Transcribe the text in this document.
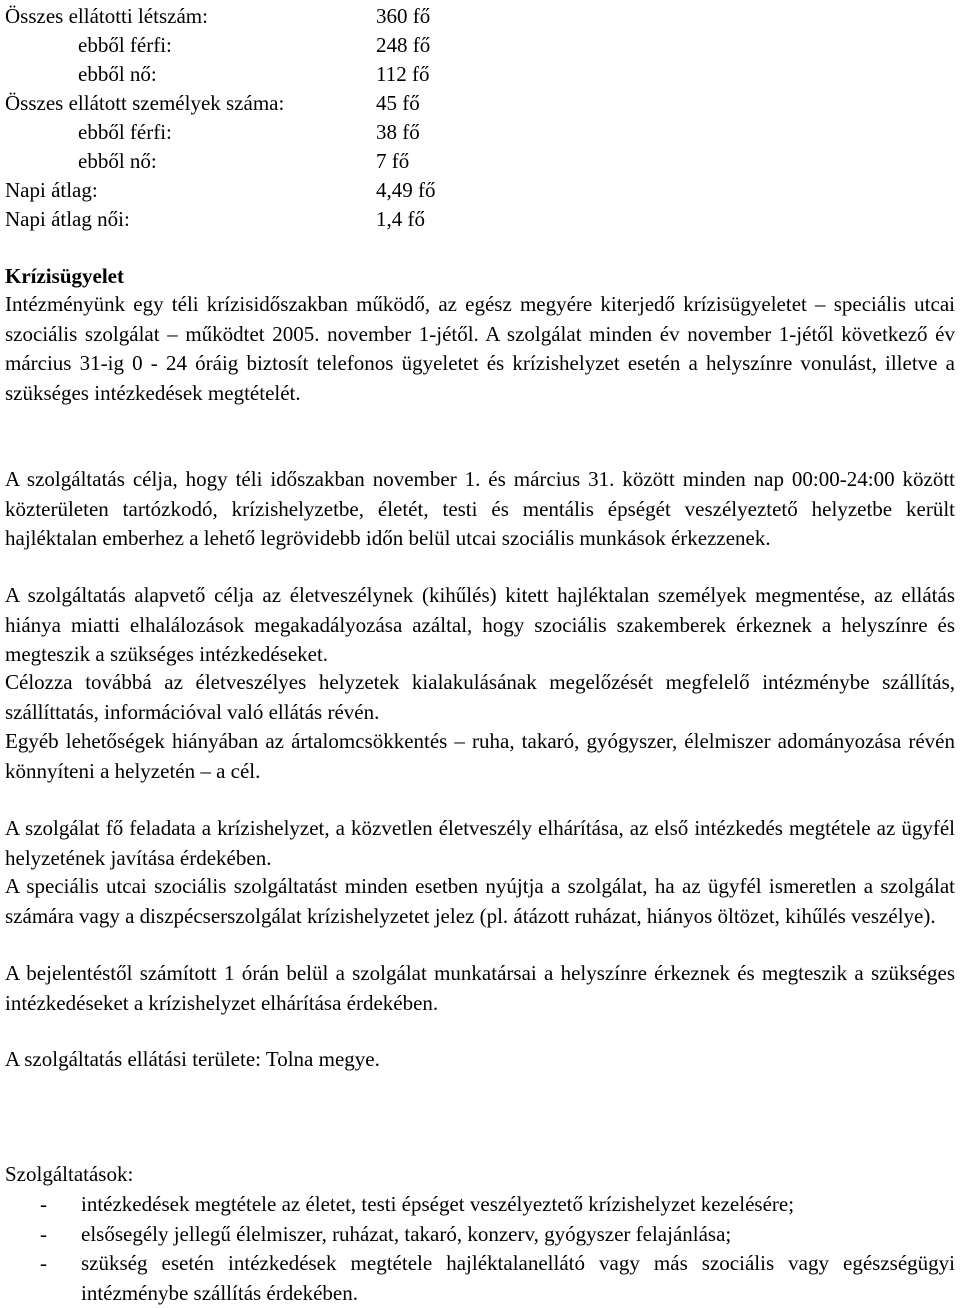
Összes ellátotti létszám:	360 fő
ebből férfi:	248 fő
ebből nő:	112 fő
Összes ellátott személyek száma:	45 fő
ebből férfi:	38 fő
ebből nő:	7 fő
Napi átlag:	4,49 fő
Napi átlag női:	1,4 fő
Krízisügyelet

Intézményünk egy téli krízisidőszakban működő, az egész megyére kiterjedő krízisügyeletet – speciális utcai szociális szolgálat – működtet 2005. november 1-jétől. A szolgálat minden év november 1-jétől következő év március 31-ig 0 - 24 óráig biztosít telefonos ügyeletet és krízishelyzet esetén a helyszínre vonulást, illetve a szükséges intézkedések megtételét.

A szolgáltatás célja, hogy téli időszakban november 1. és március 31. között minden nap 00:00-24:00 között közterületen tartózkodó, krízishelyzetbe, életét, testi és mentális épségét veszélyeztető helyzetbe került hajléktalan emberhez a lehető legrövidebb időn belül utcai szociális munkások érkezzenek.

A szolgáltatás alapvető célja az életveszélynek (kihűlés) kitett hajléktalan személyek megmentése, az ellátás hiánya miatti elhalálozások megakadályozása azáltal, hogy szociális szakemberek érkeznek a helyszínre és megteszik a szükséges intézkedéseket.

Célozza továbbá az életveszélyes helyzetek kialakulásának megelőzését megfelelő intézménybe szállítás, szállíttatás, információval való ellátás révén.

Egyéb lehetőségek hiányában az ártalomcsökkentés – ruha, takaró, gyógyszer, élelmiszer adományozása révén könnyíteni a helyzetén – a cél.

A szolgálat fő feladata a krízishelyzet, a közvetlen életveszély elhárítása, az első intézkedés megtétele az ügyfél helyzetének javítása érdekében.

A speciális utcai szociális szolgáltatást minden esetben nyújtja a szolgálat, ha az ügyfél ismeretlen a szolgálat számára vagy a diszpécserszolgálat krízishelyzetet jelez (pl. átázott ruházat, hiányos öltözet, kihűlés veszélye).

A bejelentéstől számított 1 órán belül a szolgálat munkatársai a helyszínre érkeznek és megteszik a szükséges intézkedéseket a krízishelyzet elhárítása érdekében.

A szolgáltatás ellátási területe: Tolna megye.

Szolgáltatások:

- intézkedések megtétele az életet, testi épséget veszélyeztető krízishelyzet kezelésére;
- elsősegély jellegű élelmiszer, ruházat, takaró, konzerv, gyógyszer felajánlása;
- szükség esetén intézkedések megtétele hajléktalanellátó vagy más szociális vagy egészségügyi intézménybe szállítás érdekében.
